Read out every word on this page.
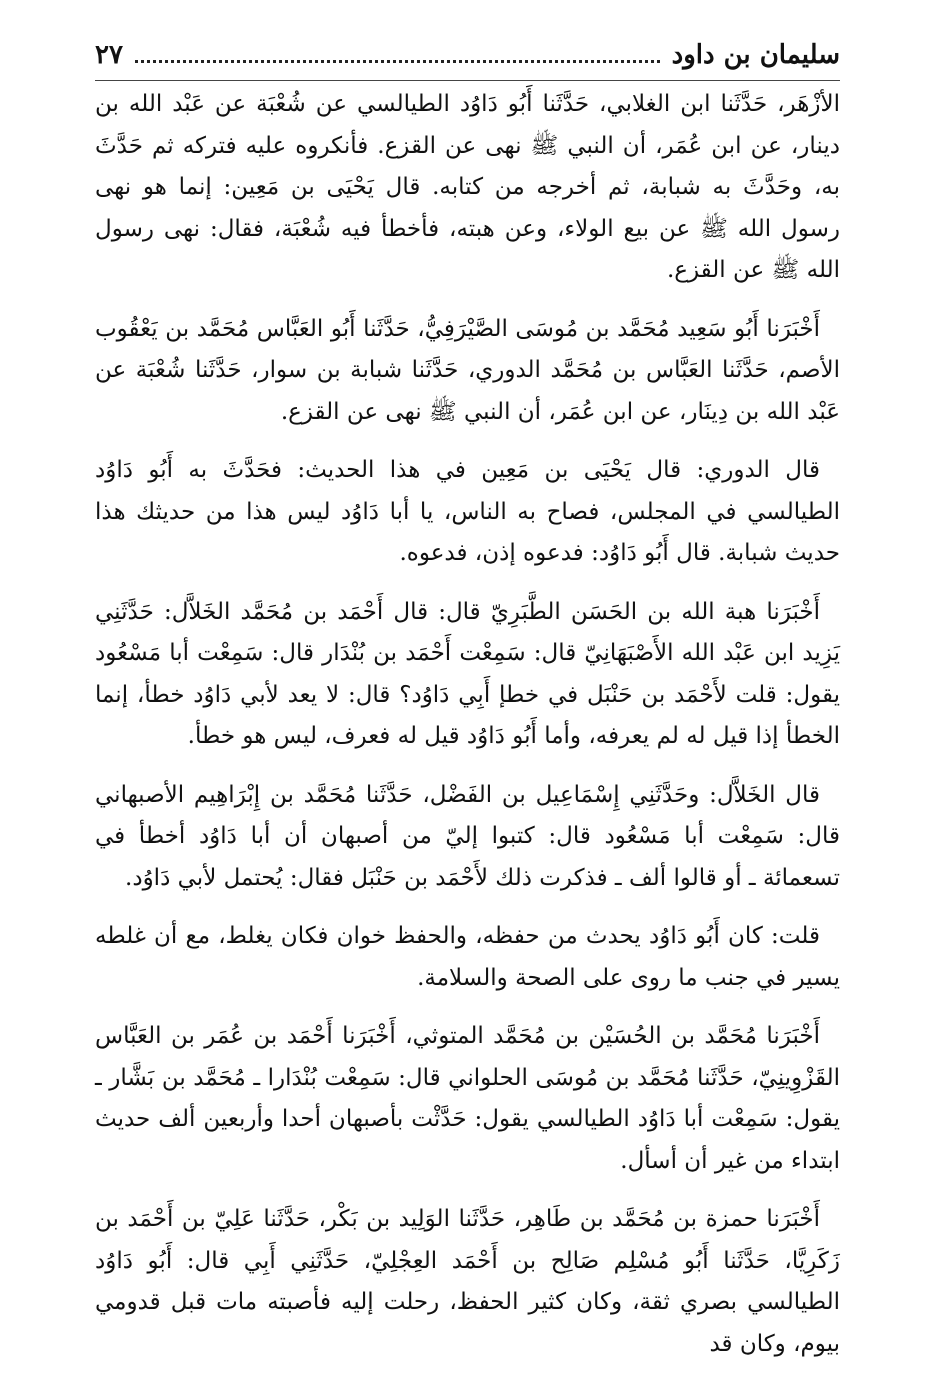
سليمان بن داود
٢٧

الأزْهَر، حَدَّثَنا ابن الغلابي، حَدَّثَنا أَبُو دَاوُد الطيالسي عن شُعْبَة عن عَبْد الله بن دينار، عن ابن عُمَر، أن النبي ﷺ نهى عن القزع. فأنكروه عليه فتركه ثم حَدَّثَ به، وحَدَّثَ به شبابة، ثم أخرجه من كتابه. قال يَحْيَى بن مَعِين: إنما هو نهى رسول الله ﷺ عن بيع الولاء، وعن هبته، فأخطأ فيه شُعْبَة، فقال: نهى رسول الله ﷺ عن القزع.

أَخْبَرَنا أَبُو سَعِيد مُحَمَّد بن مُوسَى الصَّيْرَفِيُّ، حَدَّثَنا أَبُو العَبَّاس مُحَمَّد بن يَعْقُوب الأصم، حَدَّثَنا العَبَّاس بن مُحَمَّد الدوري، حَدَّثَنا شبابة بن سوار، حَدَّثَنا شُعْبَة عن عَبْد الله بن دِينَار، عن ابن عُمَر، أن النبي ﷺ نهى عن القزع.

قال الدوري: قال يَحْيَى بن مَعِين في هذا الحديث: فحَدَّثَ به أَبُو دَاوُد الطيالسي في المجلس، فصاح به الناس، يا أبا دَاوُد ليس هذا من حديثك هذا حديث شبابة. قال أَبُو دَاوُد: فدعوه إذن، فدعوه.

أَخْبَرَنا هبة الله بن الحَسَن الطَّبَرِيّ قال: قال أَحْمَد بن مُحَمَّد الخَلاَّل: حَدَّثَنِي يَزِيد ابن عَبْد الله الأَصْبَهَانِيّ قال: سَمِعْت أَحْمَد بن بُنْدَار قال: سَمِعْت أبا مَسْعُود يقول: قلت لأَحْمَد بن حَنْبَل في خطإ أَبِي دَاوُد؟ قال: لا يعد لأبي دَاوُد خطأ، إنما الخطأ إذا قيل له لم يعرفه، وأما أَبُو دَاوُد قيل له فعرف، ليس هو خطأ.

قال الخَلاَّل: وحَدَّثَنِي إِسْمَاعِيل بن الفَضْل، حَدَّثَنا مُحَمَّد بن إِبْرَاهِيم الأصبهاني قال: سَمِعْت أبا مَسْعُود قال: كتبوا إليّ من أصبهان أن أبا دَاوُد أخطأ في تسعمائة ـ أو قالوا ألف ـ فذكرت ذلك لأَحْمَد بن حَنْبَل فقال: يُحتمل لأبي دَاوُد.

قلت: كان أَبُو دَاوُد يحدث من حفظه، والحفظ خوان فكان يغلط، مع أن غلطه يسير في جنب ما روى على الصحة والسلامة.

أَخْبَرَنا مُحَمَّد بن الحُسَيْن بن مُحَمَّد المتوثي، أَخْبَرَنا أَحْمَد بن عُمَر بن العَبَّاس القَزْوِينِيّ، حَدَّثَنا مُحَمَّد بن مُوسَى الحلواني قال: سَمِعْت بُنْدَارا ـ مُحَمَّد بن بَشَّار ـ يقول: سَمِعْت أبا دَاوُد الطيالسي يقول: حَدَّثْت بأصبهان أحدا وأربعين ألف حديث ابتداء من غير أن أسأل.

أَخْبَرَنا حمزة بن مُحَمَّد بن طَاهِر، حَدَّثَنا الوَلِيد بن بَكْر، حَدَّثَنا عَلِيّ بن أَحْمَد بن زَكَرِيَّا، حَدَّثَنا أَبُو مُسْلِم صَالِح بن أَحْمَد العِجْلِيّ، حَدَّثَنِي أَبِي قال: أَبُو دَاوُد الطيالسي بصري ثقة، وكان كثير الحفظ، رحلت إليه فأصبته مات قبل قدومي بيوم، وكان قد
